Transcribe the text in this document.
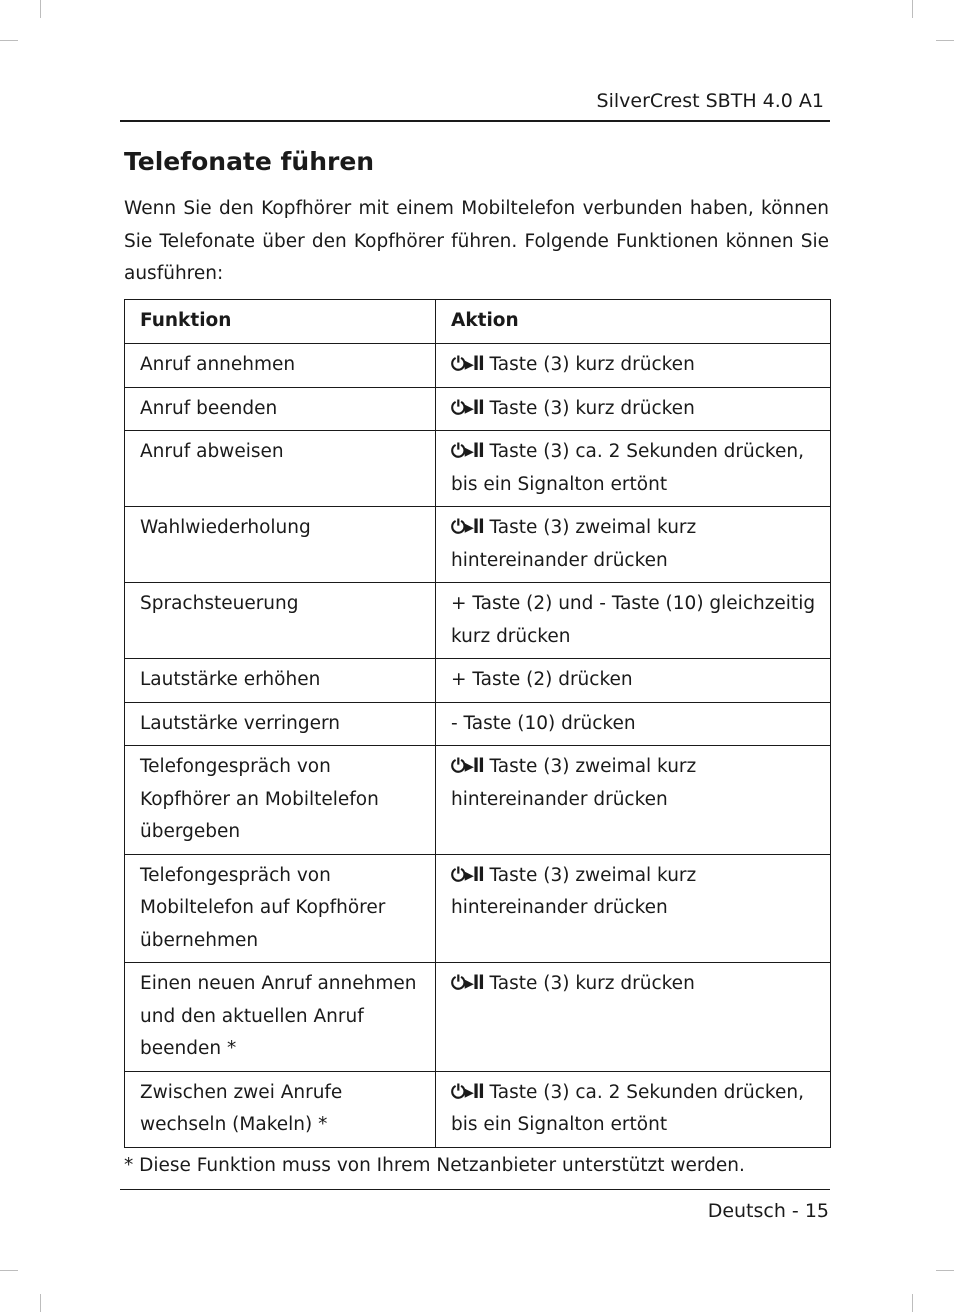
SilverCrest SBTH 4.0 A1
Telefonate führen

Wenn Sie den Kopfhörer mit einem Mobiltelefon verbunden haben, können Sie Telefonate über den Kopfhörer führen. Folgende Funktionen können Sie ausführen:

Funktion	Aktion
Anruf annehmen	⏻▸ll Taste (3) kurz drücken
Anruf beenden	⏻▸ll Taste (3) kurz drücken
Anruf abweisen	⏻▸ll Taste (3) ca. 2 Sekunden drücken, bis ein Signalton ertönt
Wahlwiederholung	⏻▸ll Taste (3) zweimal kurz hintereinander drücken
Sprachsteuerung	+ Taste (2) und - Taste (10) gleichzeitig kurz drücken
Lautstärke erhöhen	+ Taste (2) drücken
Lautstärke verringern	- Taste (10) drücken
Telefongespräch von Kopfhörer an Mobiltelefon übergeben	⏻▸ll Taste (3) zweimal kurz hintereinander drücken
Telefongespräch von Mobiltelefon auf Kopfhörer übernehmen	⏻▸ll Taste (3) zweimal kurz hintereinander drücken
Einen neuen Anruf annehmen und den aktuellen Anruf beenden *	⏻▸ll Taste (3) kurz drücken
Zwischen zwei Anrufe wechseln (Makeln) *	⏻▸ll Taste (3) ca. 2 Sekunden drücken, bis ein Signalton ertönt

* Diese Funktion muss von Ihrem Netzanbieter unterstützt werden.

Deutsch - 15
